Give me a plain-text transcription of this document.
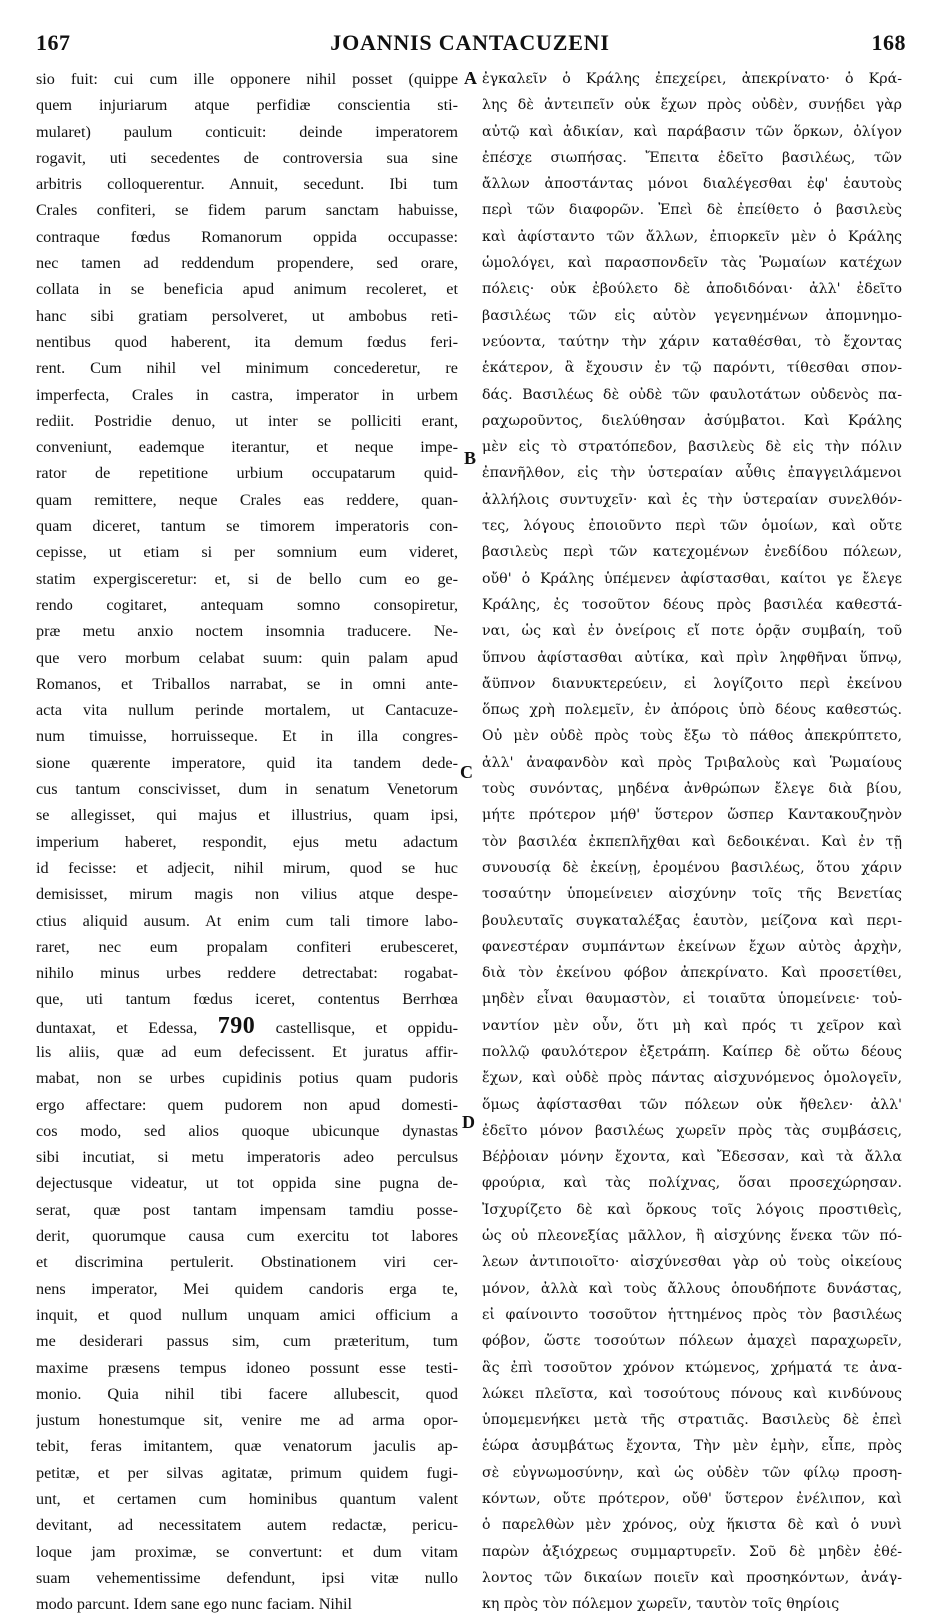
167	JOANNIS CANTACUZENI	168
sio fuit: cui cum ille opponere nihil posset (quippe
quem injuriarum atque perfidiæ conscientia sti-
mularet) paulum conticuit: deinde imperatorem
rogavit, uti secedentes de controversia sua sine
arbitris colloquerentur. Annuit, secedunt. Ibi tum
Crales confiteri, se fidem parum sanctam habuisse,
contraque fœdus Romanorum oppida occupasse:
nec tamen ad reddendum propendere, sed orare,
collata in se beneficia apud animum recoleret, et
hanc sibi gratiam persolveret, ut ambobus reti-
nentibus quod haberent, ita demum fœdus feri-
rent. Cum nihil vel minimum concederetur, re
imperfecta, Crales in castra, imperator in urbem
rediit. Postridie denuo, ut inter se polliciti erant,
conveniunt, eademque iterantur, et neque impe-
rator de repetitione urbium occupatarum quid-
quam remittere, neque Crales eas reddere, quan-
quam diceret, tantum se timorem imperatoris con-
cepisse, ut etiam si per somnium eum videret,
statim expergisceretur: et, si de bello cum eo ge-
rendo cogitaret, antequam somno consopiretur,
præ metu anxio noctem insomnia traducere. Ne-
que vero morbum celabat suum: quin palam apud
Romanos, et Triballos narrabat, se in omni ante-
acta vita nullum perinde mortalem, ut Cantacuze-
num timuisse, horruisseque. Et in illa congres-
sione quærente imperatore, quid ita tandem dede-
cus tantum conscivisset, dum in senatum Venetorum
se allegisset, qui majus et illustrius, quam ipsi,
imperium haberet, respondit, ejus metu adactum
id fecisse: et adjecit, nihil mirum, quod se huc
demisisset, mirum magis non vilius atque despe-
ctius aliquid ausum. At enim cum tali timore labo-
raret, nec eum propalam confiteri erubesceret,
nihilo minus urbes reddere detrectabat: rogabat-
que, uti tantum fœdus iceret, contentus Berrhœa
duntaxat, et Edessa, 790 castellisque, et oppidu-
lis aliis, quæ ad eum defecissent. Et juratus affir-
mabat, non se urbes cupidinis potius quam pudoris
ergo affectare: quem pudorem non apud domesti-
cos modo, sed alios quoque ubicunque dynastas
sibi incutiat, si metu imperatoris adeo perculsus
dejectusque videatur, ut tot oppida sine pugna de-
serat, quæ post tantam impensam tamdiu posse-
derit, quorumque causa cum exercitu tot labores
et discrimina pertulerit. Obstinationem viri cer-
nens imperator, Mei quidem candoris erga te,
inquit, et quod nullum unquam amici officium a
me desiderari passus sim, cum præteritum, tum
maxime præsens tempus idoneo possunt esse testi-
monio. Quia nihil tibi facere allubescit, quod
justum honestumque sit, venire me ad arma opor-
tebit, feras imitantem, quæ venatorum jaculis ap-
petitæ, et per silvas agitatæ, primum quidem fugi-
unt, et certamen cum hominibus quantum valent
devitant, ad necessitatem autem redactæ, pericu-
loque jam proximæ, se convertunt: et dum vitam
suam vehementissime defendunt, ipsi vitæ nullo
modo parcunt. Idem sane ego nunc faciam. Nihil
ἐγκαλεῖν ὁ Κράλης ἐπεχείρει, ἀπεκρίνατο· ὁ Κρά-
λης δὲ ἀντειπεῖν οὐκ ἔχων πρὸς οὐδὲν, συνῄδει γὰρ
αὐτῷ καὶ ἀδικίαν, καὶ παράβασιν τῶν ὅρκων, ὀλίγον
ἐπέσχε σιωπήσας. Ἔπειτα ἐδεῖτο βασιλέως, τῶν
ἄλλων ἀποστάντας μόνοι διαλέγεσθαι ἐφ' ἑαυτοὺς
περὶ τῶν διαφορῶν. Ἐπεὶ δὲ ἐπείθετο ὁ βασιλεὺς
καὶ ἀφίσταντο τῶν ἄλλων, ἐπιορκεῖν μὲν ὁ Κράλης
ὡμολόγει, καὶ παρασπονδεῖν τὰς Ῥωμαίων κατέχων
πόλεις· οὐκ ἐβούλετο δὲ ἀποδιδόναι· ἀλλ' ἐδεῖτο
βασιλέως τῶν εἰς αὐτὸν γεγενημένων ἀπομνημο-
νεύοντα, ταύτην τὴν χάριν καταθέσθαι, τὸ ἔχοντας
ἑκάτερον, ἃ ἔχουσιν ἐν τῷ παρόντι, τίθεσθαι σπον-
δάς. Βασιλέως δὲ οὐδὲ τῶν φαυλοτάτων οὐδενὸς πα-
ραχωροῦντος, διελύθησαν ἀσύμβατοι. Καὶ Κράλης
μὲν εἰς τὸ στρατόπεδον, βασιλεὺς δὲ εἰς τὴν πόλιν
ἐπανῆλθον, εἰς τὴν ὑστεραίαν αὖθις ἐπαγγειλάμενοι
ἀλλήλοις συντυχεῖν· καὶ ἐς τὴν ὑστεραίαν συνελθόν-
τες, λόγους ἐποιοῦντο περὶ τῶν ὁμοίων, καὶ οὔτε
βασιλεὺς περὶ τῶν κατεχομένων ἐνεδίδου πόλεων,
οὔθ' ὁ Κράλης ὑπέμενεν ἀφίστασθαι, καίτοι γε ἔλεγε
Κράλης, ἐς τοσοῦτον δέους πρὸς βασιλέα καθεστά-
ναι, ὡς καὶ ἐν ὀνείροις εἴ ποτε ὁρᾷν συμβαίη, τοῦ
ὕπνου ἀφίστασθαι αὐτίκα, καὶ πρὶν ληφθῆναι ὕπνῳ,
ἄϋπνον διανυκτερεύειν, εἰ λογίζοιτο περὶ ἐκείνου
ὅπως χρὴ πολεμεῖν, ἐν ἀπόροις ὑπὸ δέους καθεστώς.
Οὐ μὲν οὐδὲ πρὸς τοὺς ἔξω τὸ πάθος ἀπεκρύπτετο,
ἀλλ' ἀναφανδὸν καὶ πρὸς Τριβαλοὺς καὶ Ῥωμαίους
τοὺς συνόντας, μηδένα ἀνθρώπων ἔλεγε διὰ βίου,
μήτε πρότερον μήθ' ὕστερον ὥσπερ Καντακουζηνὸν
τὸν βασιλέα ἐκπεπλῆχθαι καὶ δεδοικέναι. Καὶ ἐν τῇ
συνουσίᾳ δὲ ἐκείνῃ, ἐρομένου βασιλέως, ὅτου χάριν
τοσαύτην ὑπομείνειεν αἰσχύνην τοῖς τῆς Βενετίας
βουλευταῖς συγκαταλέξας ἑαυτὸν, μείζονα καὶ περι-
φανεστέραν συμπάντων ἐκείνων ἔχων αὐτὸς ἀρχὴν,
διὰ τὸν ἐκείνου φόβον ἀπεκρίνατο. Καὶ προσετίθει,
μηδὲν εἶναι θαυμαστὸν, εἰ τοιαῦτα ὑπομείνειε· τοὐ-
ναντίον μὲν οὖν, ὅτι μὴ καὶ πρός τι χεῖρον καὶ
πολλῷ φαυλότερον ἐξετράπη. Καίπερ δὲ οὕτω δέους
ἔχων, καὶ οὐδὲ πρὸς πάντας αἰσχυνόμενος ὁμολογεῖν,
ὅμως ἀφίστασθαι τῶν πόλεων οὐκ ἤθελεν· ἀλλ'
ἐδεῖτο μόνον βασιλέως χωρεῖν πρὸς τὰς συμβάσεις,
Βέῤῥοιαν μόνην ἔχοντα, καὶ Ἔδεσσαν, καὶ τὰ ἄλλα
φρούρια, καὶ τὰς πολίχνας, ὅσαι προσεχώρησαν.
Ἰσχυρίζετο δὲ καὶ ὅρκους τοῖς λόγοις προστιθεὶς,
ὡς οὐ πλεονεξίας μᾶλλον, ἢ αἰσχύνης ἕνεκα τῶν πό-
λεων ἀντιποιοῖτο· αἰσχύνεσθαι γὰρ οὐ τοὺς οἰκείους
μόνον, ἀλλὰ καὶ τοὺς ἄλλους ὁπουδήποτε δυνάστας,
εἰ φαίνοιντο τοσοῦτον ἡττημένος πρὸς τὸν βασιλέως
φόβον, ὥστε τοσούτων πόλεων ἀμαχεὶ παραχωρεῖν,
ἃς ἐπὶ τοσοῦτον χρόνον κτώμενος, χρήματά τε ἀνα-
λώκει πλεῖστα, καὶ τοσούτους πόνους καὶ κινδύνους
ὑπομεμενήκει μετὰ τῆς στρατιᾶς. Βασιλεὺς δὲ ἐπεὶ
ἑώρα ἀσυμβάτως ἔχοντα, Τὴν μὲν ἐμὴν, εἶπε, πρὸς
σὲ εὐγνωμοσύνην, καὶ ὡς οὐδὲν τῶν φίλῳ προση-
κόντων, οὔτε πρότερον, οὔθ' ὕστερον ἐνέλιπον, καὶ
ὁ παρελθὼν μὲν χρόνος, οὐχ ἥκιστα δὲ καὶ ὁ νυνὶ
παρὼν ἀξιόχρεως συμμαρτυρεῖν. Σοῦ δὲ μηδὲν ἐθέ-
λοντος τῶν δικαίων ποιεῖν καὶ προσηκόντων, ἀνάγ-
κη πρὸς τὸν πόλεμον χωρεῖν, ταυτὸν τοῖς θηρίοις
A
B
C
D
